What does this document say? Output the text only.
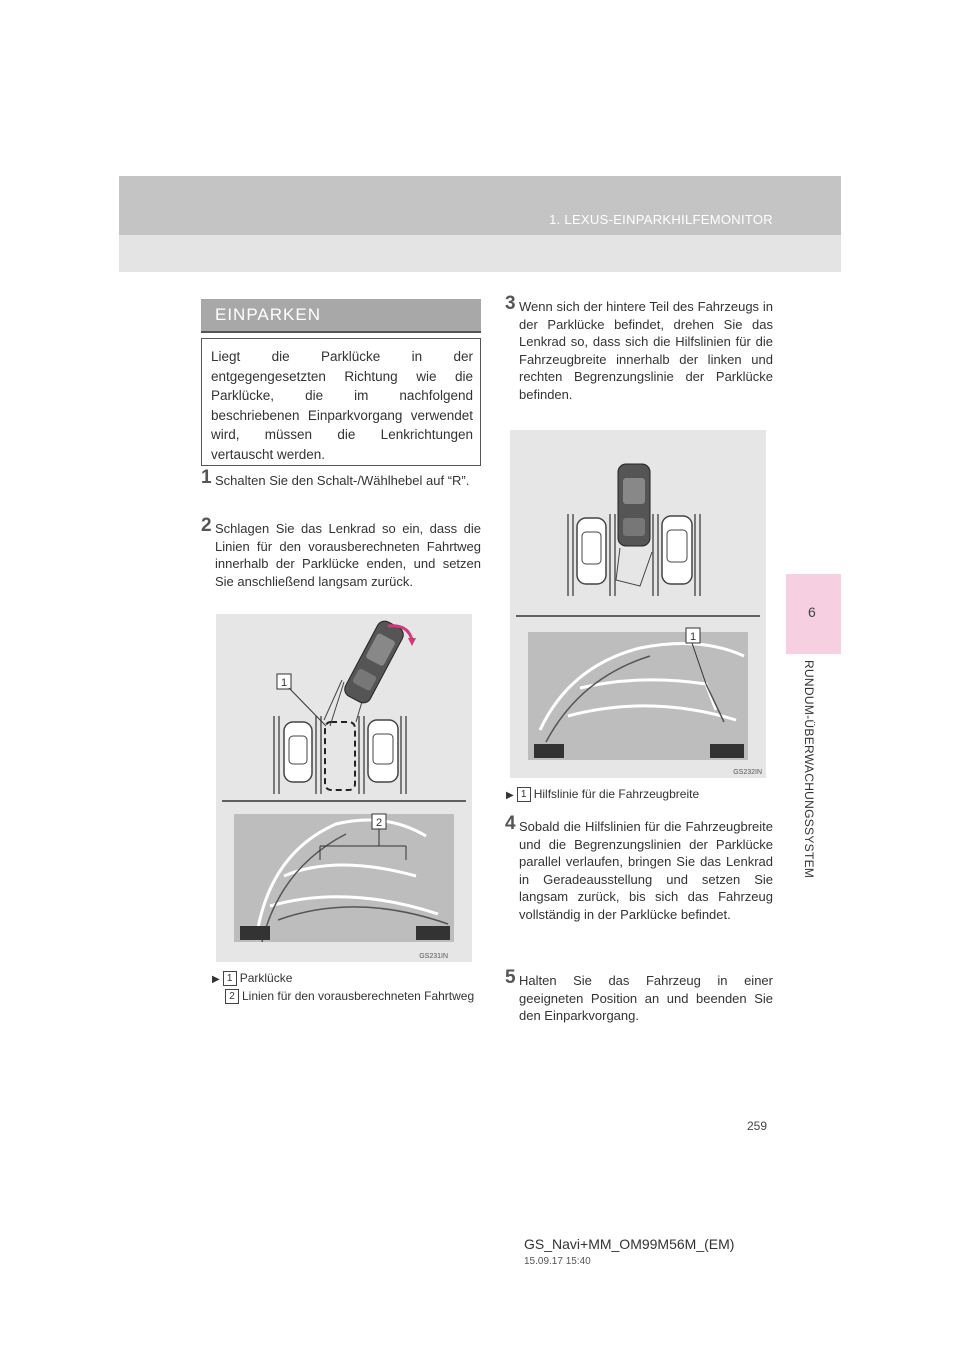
1. LEXUS-EINPARKHILFEMONITOR
6
RUNDUM-ÜBERWACHUNGSSYSTEM
EINPARKEN
Liegt die Parklücke in der entgegengesetzten Richtung wie die Parklücke, die im nachfolgend beschriebenen Einparkvorgang verwendet wird, müssen die Lenkrichtungen vertauscht werden.
1 Schalten Sie den Schalt-/Wählhebel auf “R”.
2 Schlagen Sie das Lenkrad so ein, dass die Linien für den vorausberechneten Fahrtweg innerhalb der Parklücke enden, und setzen Sie anschließend langsam zurück.
1
2
GS231IN
▶ 1 Parklücke
2 Linien für den vorausberechneten Fahrtweg
3 Wenn sich der hintere Teil des Fahrzeugs in der Parklücke befindet, drehen Sie das Lenkrad so, dass sich die Hilfslinien für die Fahrzeugbreite innerhalb der linken und rechten Begrenzungslinie der Parklücke befinden.
1
GS232IN
▶ 1 Hilfslinie für die Fahrzeugbreite
4 Sobald die Hilfslinien für die Fahrzeugbreite und die Begrenzungslinien der Parklücke parallel verlaufen, bringen Sie das Lenkrad in Geradeausstellung und setzen Sie langsam zurück, bis sich das Fahrzeug vollständig in der Parklücke befindet.
5 Halten Sie das Fahrzeug in einer geeigneten Position an und beenden Sie den Einparkvorgang.
259
GS_Navi+MM_OM99M56M_(EM)
15.09.17 15:40
